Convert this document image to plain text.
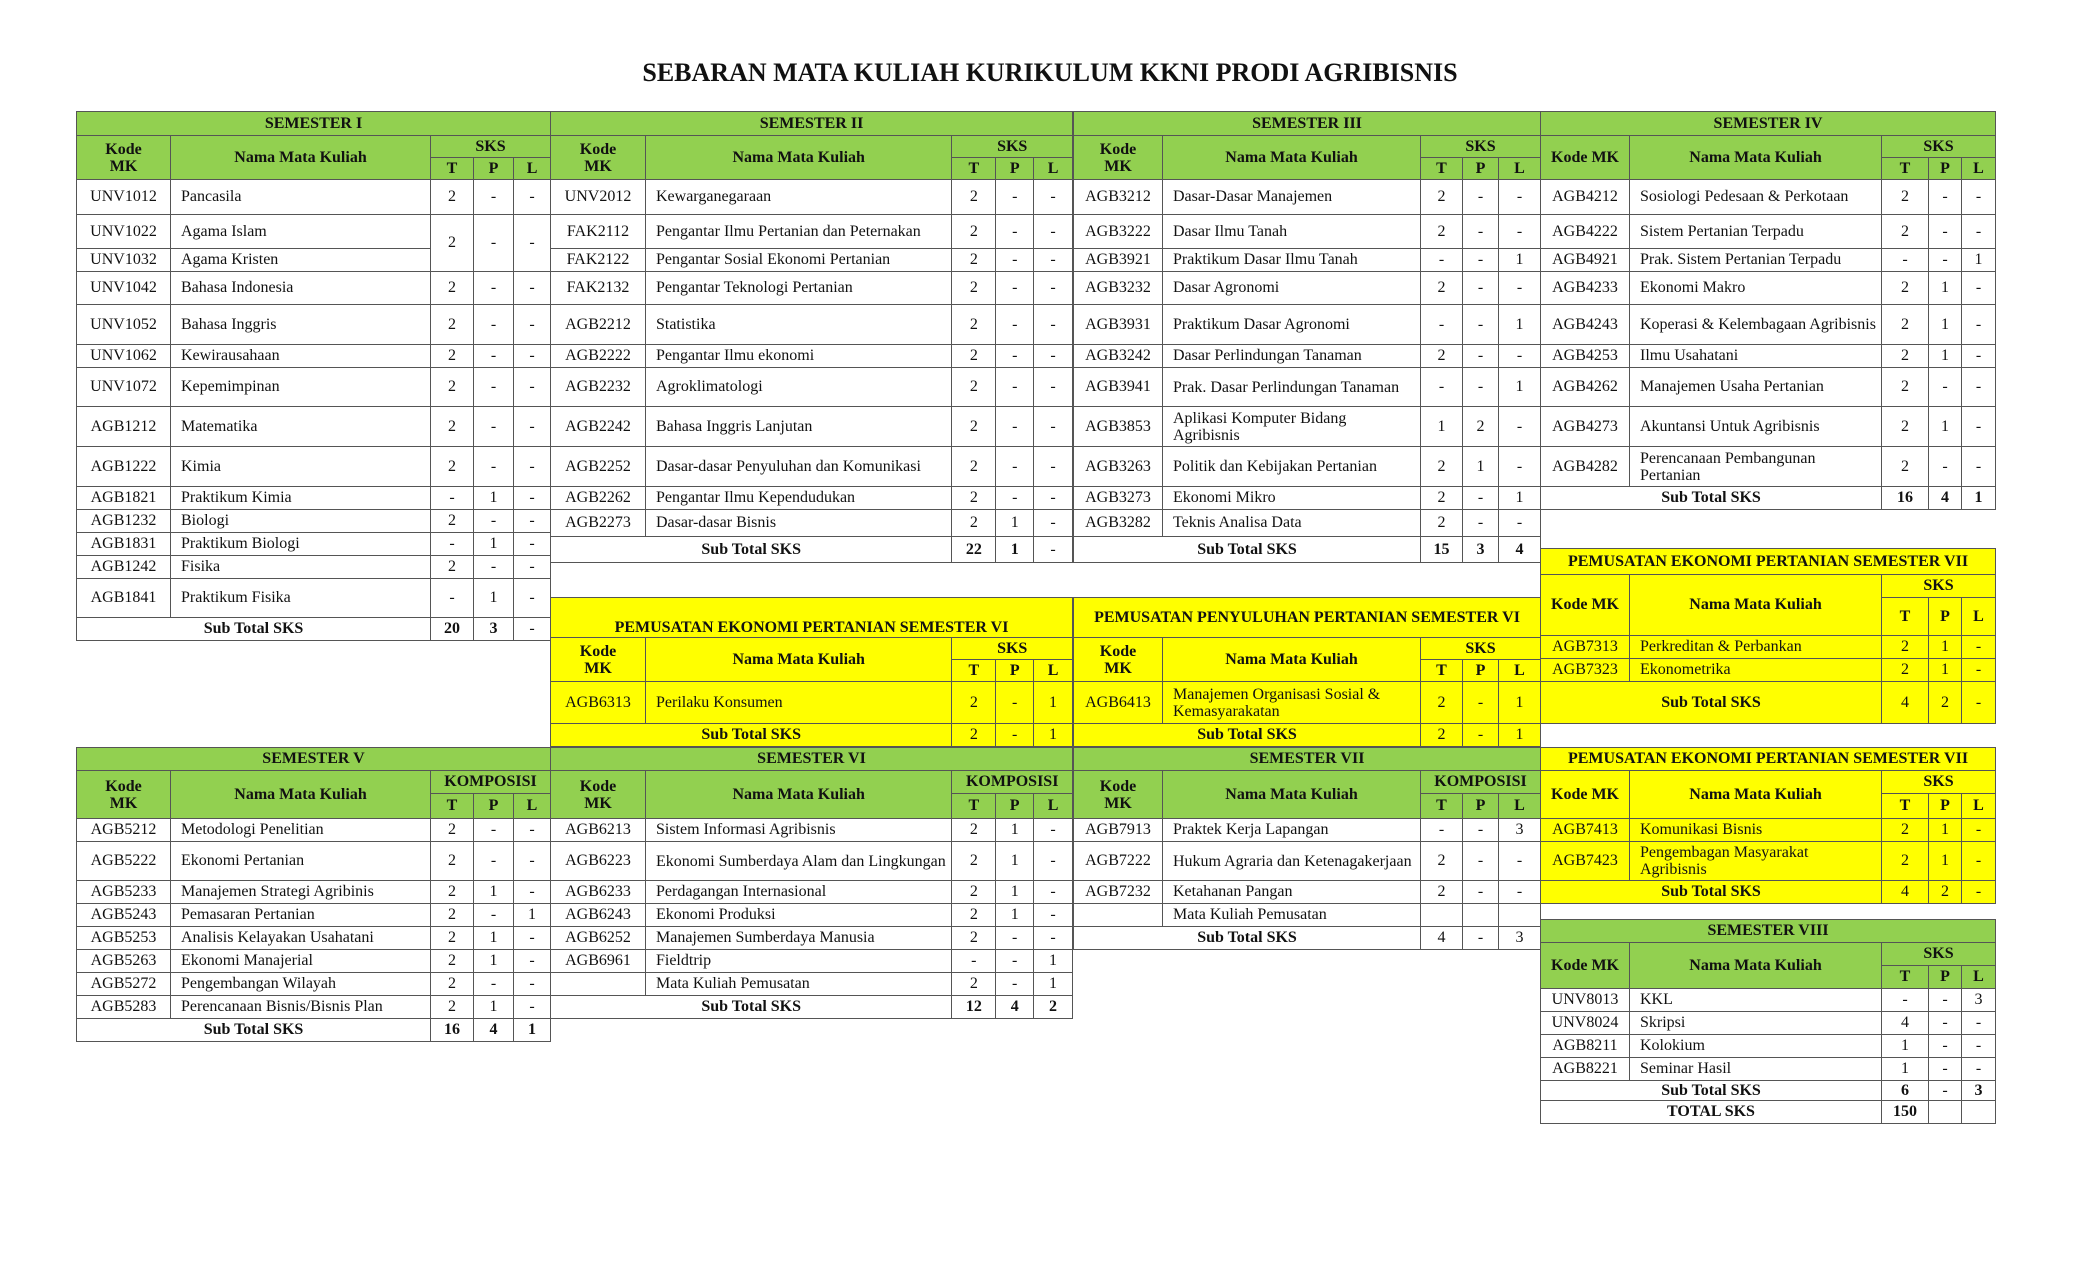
SEBARAN MATA KULIAH KURIKULUM KKNI PRODI AGRIBISNIS
SEMESTER I				
Kode
MK	Nama Mata Kuliah	SKS		
		T	P	L
UNV1012	Pancasila	2	-	-
UNV1022	Agama Islam	2	-	-
UNV1032	Agama Kristen			
UNV1042	Bahasa Indonesia	2	-	-
UNV1052	Bahasa Inggris	2	-	-
UNV1062	Kewirausahaan	2	-	-
UNV1072	Kepemimpinan	2	-	-
AGB1212	Matematika	2	-	-
AGB1222	Kimia	2	-	-
AGB1821	Praktikum Kimia	-	1	-
AGB1232	Biologi	2	-	-
AGB1831	Praktikum Biologi	-	1	-
AGB1242	Fisika	2	-	-
AGB1841	Praktikum Fisika	-	1	-
Sub Total SKS		20	3	-
SEMESTER II				
Kode
MK	Nama Mata Kuliah	SKS		
		T	P	L
UNV2012	Kewarganegaraan	2	-	-
FAK2112	Pengantar Ilmu Pertanian dan Peternakan	2	-	-
FAK2122	Pengantar Sosial Ekonomi Pertanian	2	-	-
FAK2132	Pengantar Teknologi Pertanian	2	-	-
AGB2212	Statistika	2	-	-
AGB2222	Pengantar Ilmu ekonomi	2	-	-
AGB2232	Agroklimatologi	2	-	-
AGB2242	Bahasa Inggris Lanjutan	2	-	-
AGB2252	Dasar-dasar Penyuluhan dan Komunikasi	2	-	-
AGB2262	Pengantar Ilmu Kependudukan	2	-	-
AGB2273	Dasar-dasar Bisnis	2	1	-
Sub Total SKS		22	1	-
SEMESTER III				
Kode
MK	Nama Mata Kuliah	SKS		
		T	P	L
AGB3212	Dasar-Dasar Manajemen	2	-	-
AGB3222	Dasar Ilmu Tanah	2	-	-
AGB3921	Praktikum Dasar Ilmu Tanah	-	-	1
AGB3232	Dasar Agronomi	2	-	-
AGB3931	Praktikum Dasar Agronomi	-	-	1
AGB3242	Dasar Perlindungan Tanaman	2	-	-
AGB3941	Prak. Dasar Perlindungan Tanaman	-	-	1
AGB3853	Aplikasi Komputer Bidang Agribisnis	1	2	-
AGB3263	Politik dan Kebijakan Pertanian	2	1	-
AGB3273	Ekonomi Mikro	2	-	1
AGB3282	Teknis Analisa Data	2	-	-
Sub Total SKS		15	3	4
SEMESTER IV				
Kode MK	Nama Mata Kuliah	SKS		
		T	P	L
AGB4212	Sosiologi Pedesaan & Perkotaan	2	-	-
AGB4222	Sistem Pertanian Terpadu	2	-	-
AGB4921	Prak. Sistem Pertanian Terpadu	-	-	1
AGB4233	Ekonomi Makro	2	1	-
AGB4243	Koperasi & Kelembagaan Agribisnis	2	1	-
AGB4253	Ilmu Usahatani	2	1	-
AGB4262	Manajemen Usaha Pertanian	2	-	-
AGB4273	Akuntansi Untuk Agribisnis	2	1	-
AGB4282	Perencanaan Pembangunan Pertanian	2	-	-
Sub Total SKS		16	4	1
PEMUSATAN EKONOMI PERTANIAN SEMESTER VI				
Kode
MK	Nama Mata Kuliah	SKS		
		T	P	L
AGB6313	Perilaku Konsumen	2	-	1
Sub Total SKS		2	-	1
PEMUSATAN PENYULUHAN PERTANIAN SEMESTER VI				
Kode
MK	Nama Mata Kuliah	SKS		
		T	P	L
AGB6413	Manajemen Organisasi Sosial & Kemasyarakatan	2	-	1
Sub Total SKS		2	-	1
PEMUSATAN EKONOMI PERTANIAN SEMESTER VII				
Kode MK	Nama Mata Kuliah	SKS		
		T	P	L
AGB7313	Perkreditan & Perbankan	2	1	-
AGB7323	Ekonometrika	2	1	-
Sub Total SKS		4	2	-
SEMESTER V				
Kode
MK	Nama Mata Kuliah	KOMPOSISI		
		T	P	L
AGB5212	Metodologi Penelitian	2	-	-
AGB5222	Ekonomi Pertanian	2	-	-
AGB5233	Manajemen Strategi Agribinis	2	1	-
AGB5243	Pemasaran Pertanian	2	-	1
AGB5253	Analisis Kelayakan Usahatani	2	1	-
AGB5263	Ekonomi Manajerial	2	1	-
AGB5272	Pengembangan Wilayah	2	-	-
AGB5283	Perencanaan Bisnis/Bisnis Plan	2	1	-
Sub Total SKS		16	4	1
SEMESTER VI				
Kode
MK	Nama Mata Kuliah	KOMPOSISI		
		T	P	L
AGB6213	Sistem Informasi Agribisnis	2	1	-
AGB6223	Ekonomi Sumberdaya Alam dan Lingkungan	2	1	-
AGB6233	Perdagangan Internasional	2	1	-
AGB6243	Ekonomi Produksi	2	1	-
AGB6252	Manajemen Sumberdaya Manusia	2	-	-
AGB6961	Fieldtrip	-	-	1
	Mata Kuliah Pemusatan	2	-	1
Sub Total SKS		12	4	2
SEMESTER VII				
Kode
MK	Nama Mata Kuliah	KOMPOSISI		
		T	P	L
AGB7913	Praktek Kerja Lapangan	-	-	3
AGB7222	Hukum Agraria dan Ketenagakerjaan	2	-	-
AGB7232	Ketahanan Pangan	2	-	-
	Mata Kuliah Pemusatan			
Sub Total SKS		4	-	3
PEMUSATAN EKONOMI PERTANIAN SEMESTER VII				
Kode MK	Nama Mata Kuliah	SKS		
		T	P	L
AGB7413	Komunikasi Bisnis	2	1	-
AGB7423	Pengembagan Masyarakat Agribisnis	2	1	-
Sub Total SKS		4	2	-
SEMESTER VIII				
Kode MK	Nama Mata Kuliah	SKS		
		T	P	L
UNV8013	KKL	-	-	3
UNV8024	Skripsi	4	-	-
AGB8211	Kolokium	1	-	-
AGB8221	Seminar Hasil	1	-	-
Sub Total SKS		6	-	3
TOTAL SKS		150		
